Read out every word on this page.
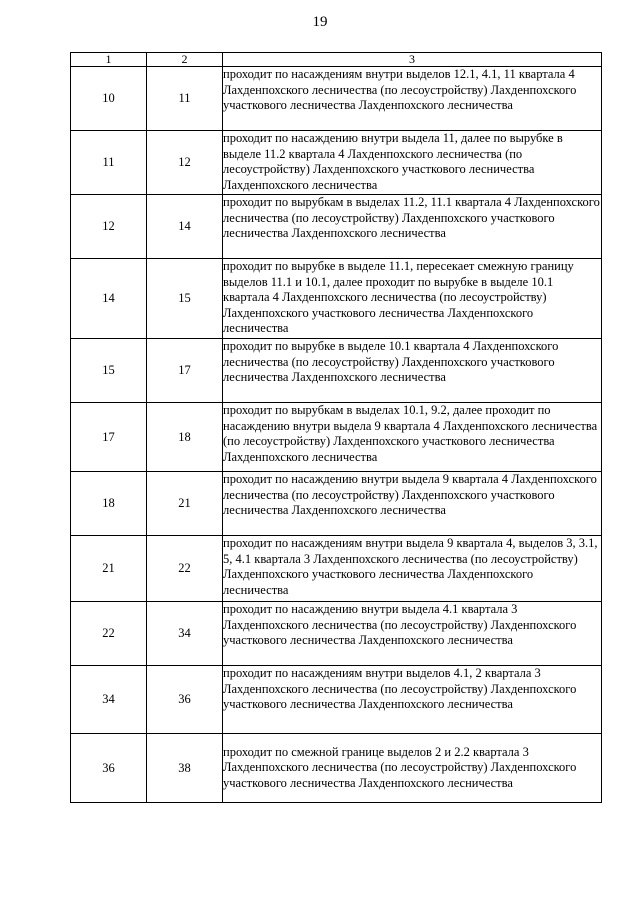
19
1	2	3
10	11	проходит по насаждениям внутри выделов 12.1, 4.1, 11 квартала 4 Лахденпохского лесничества (по лесоустройству) Лахденпохского участкового лесничества Лахденпохского лесничества
11	12	проходит по насаждению внутри выдела 11, далее по вырубке в выделе 11.2 квартала 4 Лахденпохского лесничества (по лесоустройству) Лахденпохского участкового лесничества Лахденпохского лесничества
12	14	проходит по вырубкам в выделах 11.2, 11.1 квартала 4 Лахденпохского лесничества (по лесоустройству) Лахденпохского участкового лесничества Лахденпохского лесничества
14	15	проходит по вырубке в выделе 11.1, пересекает смежную границу выделов 11.1 и 10.1, далее проходит по вырубке в выделе 10.1 квартала 4 Лахденпохского лесничества (по лесоустройству) Лахденпохского участкового лесничества Лахденпохского лесничества
15	17	проходит по вырубке в выделе 10.1 квартала 4 Лахденпохского лесничества (по лесоустройству) Лахденпохского участкового лесничества Лахденпохского лесничества
17	18	проходит по вырубкам в выделах 10.1, 9.2, далее проходит по насаждению внутри выдела 9 квартала 4 Лахденпохского лесничества (по лесоустройству) Лахденпохского участкового лесничества Лахденпохского лесничества
18	21	проходит по насаждению внутри выдела 9 квартала 4 Лахденпохского лесничества (по лесоустройству) Лахденпохского участкового лесничества Лахденпохского лесничества
21	22	проходит по насаждениям внутри выдела 9 квартала 4, выделов 3, 3.1, 5, 4.1 квартала 3 Лахденпохского лесничества (по лесоустройству) Лахденпохского участкового лесничества Лахденпохского лесничества
22	34	проходит по насаждению внутри выдела 4.1 квартала 3 Лахденпохского лесничества (по лесоустройству) Лахденпохского участкового лесничества Лахденпохского лесничества
34	36	проходит по насаждениям внутри выделов 4.1, 2 квартала 3 Лахденпохского лесничества (по лесоустройству) Лахденпохского участкового лесничества Лахденпохского лесничества
36	38	проходит по смежной границе выделов 2 и 2.2 квартала 3 Лахденпохского лесничества (по лесоустройству) Лахденпохского участкового лесничества Лахденпохского лесничества
